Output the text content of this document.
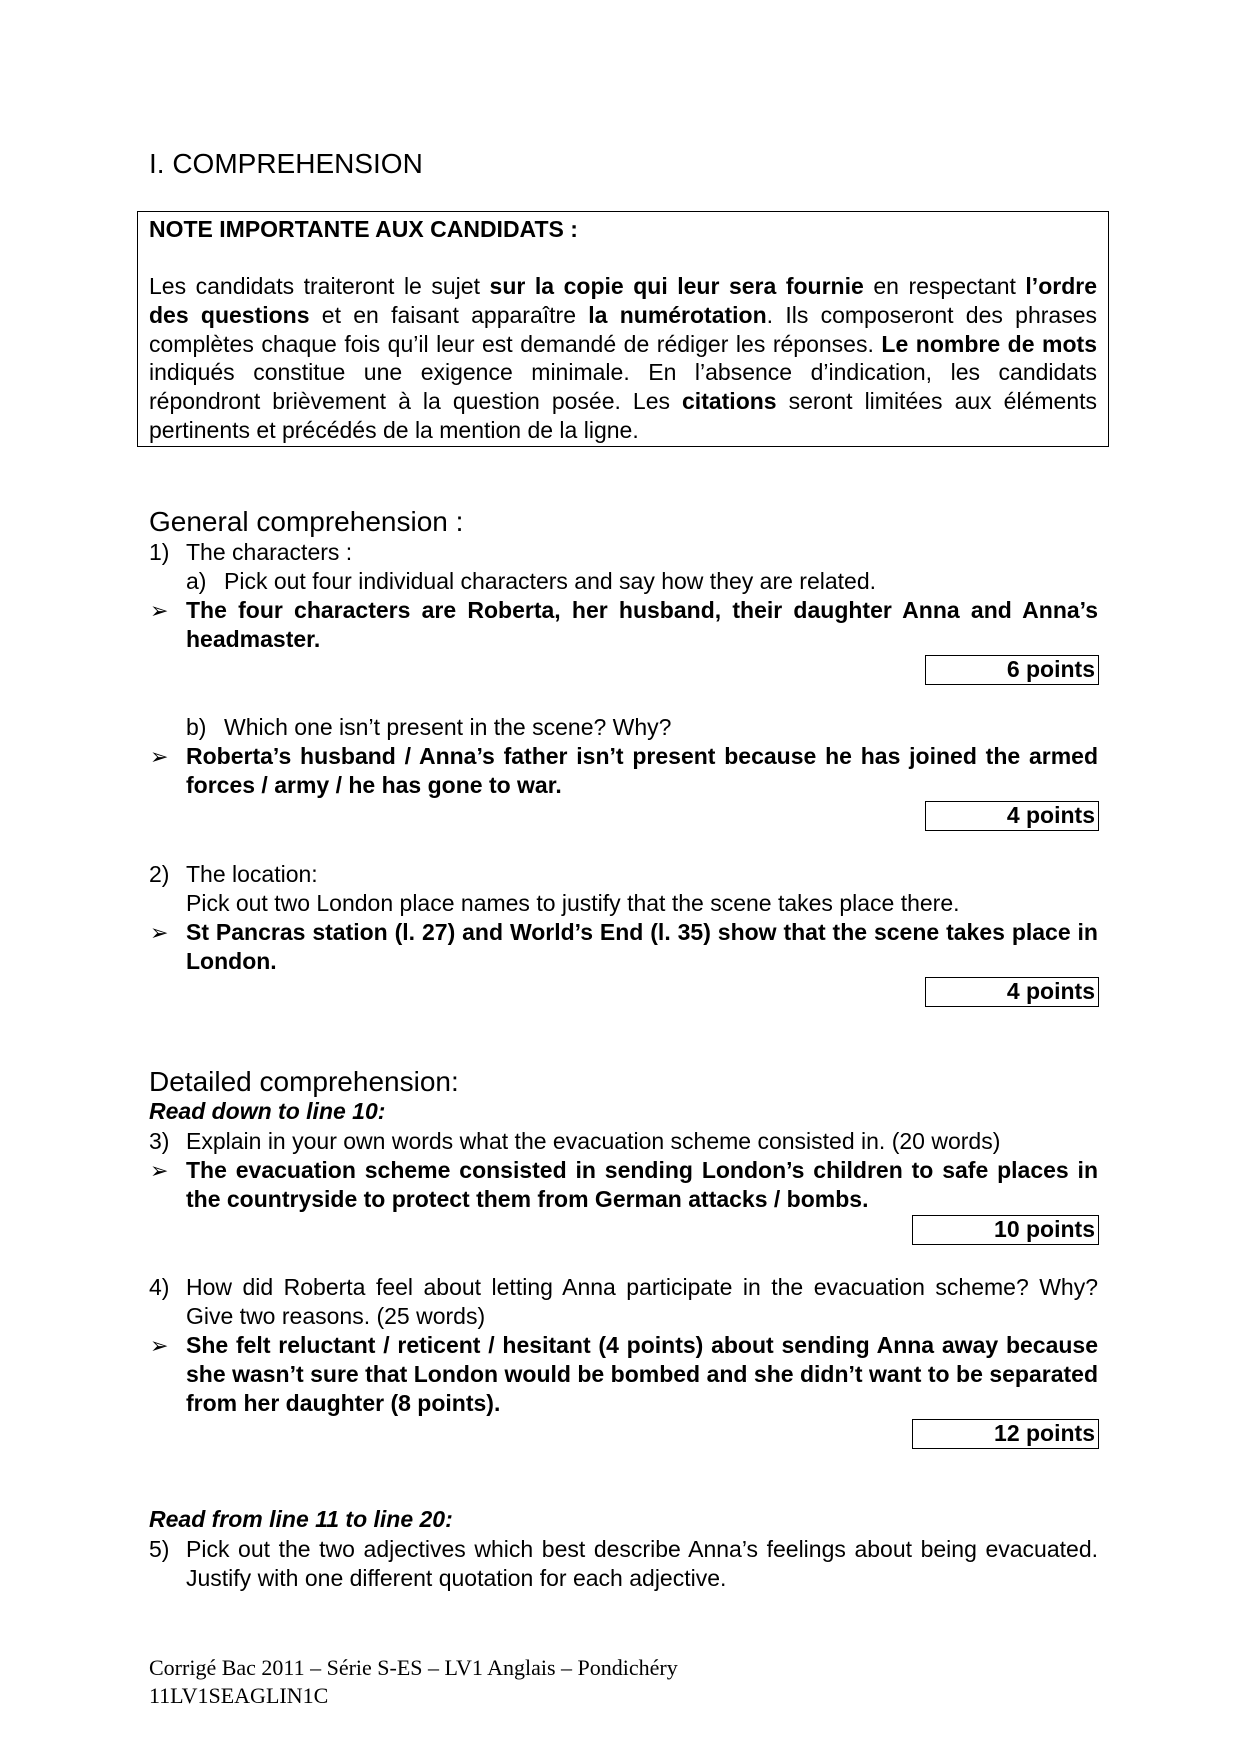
I. COMPREHENSION
NOTE IMPORTANTE AUX CANDIDATS :
Les candidats traiteront le sujet sur la copie qui leur sera fournie en respectant l’ordre des questions et en faisant apparaître la numérotation. Ils composeront des phrases complètes chaque fois qu’il leur est demandé de rédiger les réponses. Le nombre de mots indiqués constitue une exigence minimale. En l’absence d’indication, les candidats répondront brièvement à la question posée. Les citations seront limitées aux éléments pertinents et précédés de la mention de la ligne.
General comprehension :
1) The characters :
a) Pick out four individual characters and say how they are related.
➢ The four characters are Roberta, her husband, their daughter Anna and Anna’s headmaster.
6 points
b) Which one isn’t present in the scene? Why?
➢ Roberta’s husband / Anna’s father isn’t present because he has joined the armed forces / army / he has gone to war.
4 points
2) The location:
Pick out two London place names to justify that the scene takes place there.
➢ St Pancras station (l. 27) and World’s End (l. 35) show that the scene takes place in London.
4 points
Detailed comprehension:
Read down to line 10:
3) Explain in your own words what the evacuation scheme consisted in. (20 words)
➢ The evacuation scheme consisted in sending London’s children to safe places in the countryside to protect them from German attacks / bombs.
10 points
4) How did Roberta feel about letting Anna participate in the evacuation scheme? Why? Give two reasons. (25 words)
➢ She felt reluctant / reticent / hesitant (4 points) about sending Anna away because she wasn’t sure that London would be bombed and she didn’t want to be separated from her daughter (8 points).
12 points
Read from line 11 to line 20:
5) Pick out the two adjectives which best describe Anna’s feelings about being evacuated. Justify with one different quotation for each adjective.
Corrigé Bac 2011 – Série S-ES – LV1 Anglais – Pondichéry
11LV1SEAGLIN1C
